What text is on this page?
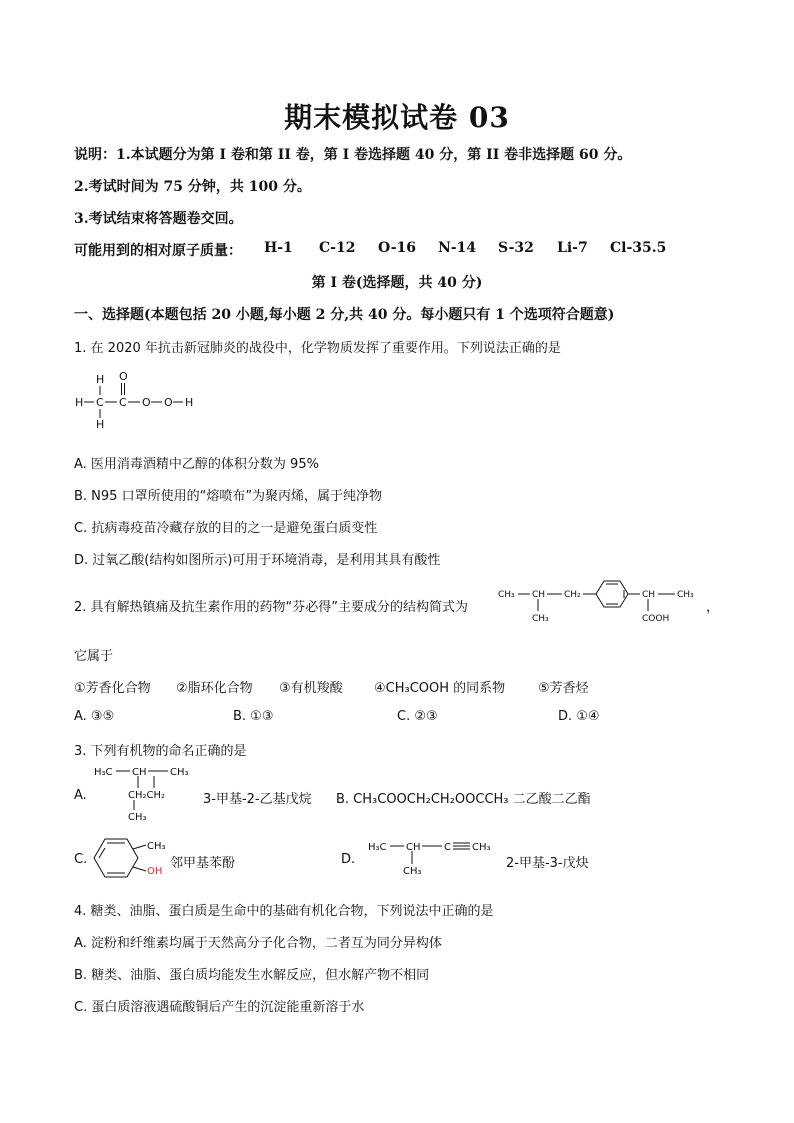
期末模拟试卷 03
说明：1.本试题分为第 I 卷和第 II 卷，第 I 卷选择题 40 分，第 II 卷非选择题 60 分。
2.考试时间为 75 分钟，共 100 分。
3.考试结束将答题卷交回。
可能用到的相对原子质量： H-1 C-12 O-16 N-14 S-32 Li-7 Cl-35.5
第 I 卷(选择题，共 40 分)
一、选择题(本题包括 20 小题,每小题 2 分,共 40 分。每小题只有 1 个选项符合题意)
1. 在 2020 年抗击新冠肺炎的战役中，化学物质发挥了重要作用。下列说法正确的是
H
H C
H
C
O
O O H
A. 医用消毒酒精中乙醇的体积分数为 95%
B. N95 口罩所使用的“熔喷布”为聚丙烯，属于纯净物
C. 抗病毒疫苗冷藏存放的目的之一是避免蛋白质变性
D. 过氧乙酸(结构如图所示)可用于环境消毒，是利用其具有酸性
2. 具有解热镇痛及抗生素作用的药物“芬必得”主要成分的结构简式为
CH₃ CH CH₂
CH₃
CH CH₃
COOH
，
它属于
①芳香化合物 ②脂环化合物 ③有机羧酸 ④CH₃COOH 的同系物	⑤芳香烃
A. ③⑤	B. ①③	C. ②③	D. ①④
3. 下列有机物的命名正确的是
A.
H₃C CH CH₃
CH₂CH₂
CH₃
3-甲基-2-乙基戊烷 B. CH₃COOCH₂CH₂OOCCH₃ 二乙酸二乙酯
C.
CH₃
OH
邻甲基苯酚	D.
H₃C CH C CH₃
CH₃
2-甲基-3-戊炔
4. 糖类、油脂、蛋白质是生命中的基础有机化合物，下列说法中正确的是
A. 淀粉和纤维素均属于天然高分子化合物，二者互为同分异构体
B. 糖类、油脂、蛋白质均能发生水解反应，但水解产物不相同
C. 蛋白质溶液遇硫酸铜后产生的沉淀能重新溶于水
